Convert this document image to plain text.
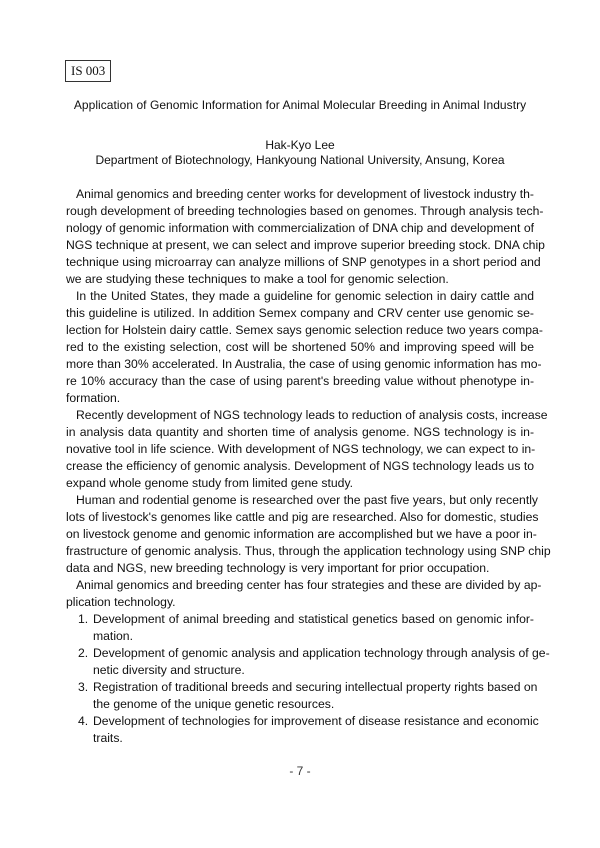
IS 003
Application of Genomic Information for Animal Molecular Breeding in Animal Industry
Hak-Kyo Lee
Department of Biotechnology, Hankyoung National University, Ansung, Korea
Animal genomics and breeding center works for development of livestock industry th-
rough development of breeding technologies based on genomes. Through analysis tech-
nology of genomic information with commercialization of DNA chip and development of
NGS technique at present, we can select and improve superior breeding stock. DNA chip
technique using microarray can analyze millions of SNP genotypes in a short period and
we are studying these techniques to make a tool for genomic selection.
In the United States, they made a guideline for genomic selection in dairy cattle and
this guideline is utilized. In addition Semex company and CRV center use genomic se-
lection for Holstein dairy cattle. Semex says genomic selection reduce two years compa-
red to the existing selection, cost will be shortened 50% and improving speed will be
more than 30% accelerated. In Australia, the case of using genomic information has mo-
re 10% accuracy than the case of using parent's breeding value without phenotype in-
formation.
Recently development of NGS technology leads to reduction of analysis costs, increase
in analysis data quantity and shorten time of analysis genome. NGS technology is in-
novative tool in life science. With development of NGS technology, we can expect to in-
crease the efficiency of genomic analysis. Development of NGS technology leads us to
expand whole genome study from limited gene study.
Human and rodential genome is researched over the past five years, but only recently
lots of livestock's genomes like cattle and pig are researched. Also for domestic, studies
on livestock genome and genomic information are accomplished but we have a poor in-
frastructure of genomic analysis. Thus, through the application technology using SNP chip
data and NGS, new breeding technology is very important for prior occupation.
Animal genomics and breeding center has four strategies and these are divided by ap-
plication technology.
1. Development of animal breeding and statistical genetics based on genomic infor-
mation.
2. Development of genomic analysis and application technology through analysis of ge-
netic diversity and structure.
3. Registration of traditional breeds and securing intellectual property rights based on
the genome of the unique genetic resources.
4. Development of technologies for improvement of disease resistance and economic
traits.
- 7 -
